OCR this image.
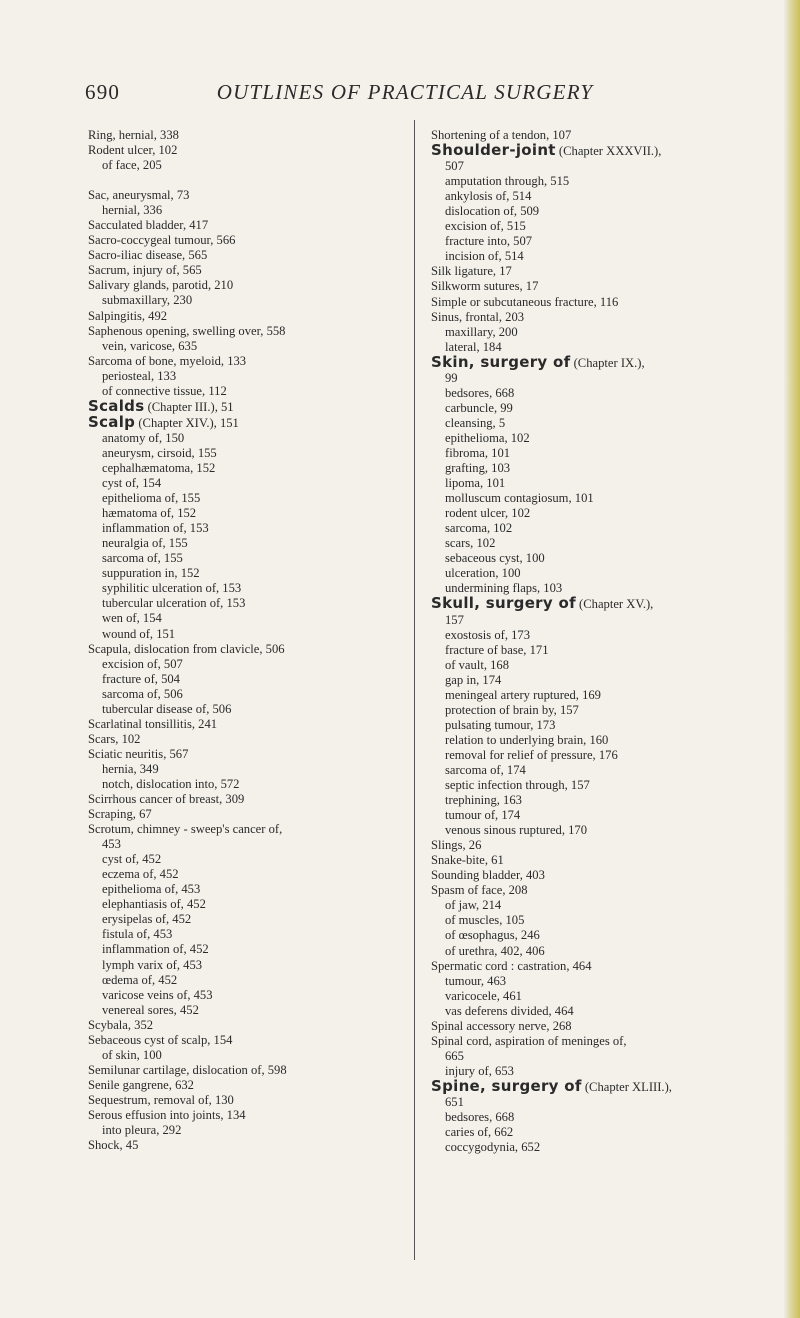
690	OUTLINES OF PRACTICAL SURGERY
Ring, hernial, 338
Rodent ulcer, 102
of face, 205
Sac, aneurysmal, 73
hernial, 336
Sacculated bladder, 417
Sacro-coccygeal tumour, 566
Sacro-iliac disease, 565
Sacrum, injury of, 565
Salivary glands, parotid, 210
submaxillary, 230
Salpingitis, 492
Saphenous opening, swelling over, 558
vein, varicose, 635
Sarcoma of bone, myeloid, 133
periosteal, 133
of connective tissue, 112
Scalds (Chapter III.), 51
Scalp (Chapter XIV.), 151
anatomy of, 150
aneurysm, cirsoid, 155
cephalhæmatoma, 152
cyst of, 154
epithelioma of, 155
hæmatoma of, 152
inflammation of, 153
neuralgia of, 155
sarcoma of, 155
suppuration in, 152
syphilitic ulceration of, 153
tubercular ulceration of, 153
wen of, 154
wound of, 151
Scapula, dislocation from clavicle, 506
excision of, 507
fracture of, 504
sarcoma of, 506
tubercular disease of, 506
Scarlatinal tonsillitis, 241
Scars, 102
Sciatic neuritis, 567
hernia, 349
notch, dislocation into, 572
Scirrhous cancer of breast, 309
Scraping, 67
Scrotum, chimney - sweep's cancer of,
453
cyst of, 452
eczema of, 452
epithelioma of, 453
elephantiasis of, 452
erysipelas of, 452
fistula of, 453
inflammation of, 452
lymph varix of, 453
œdema of, 452
varicose veins of, 453
venereal sores, 452
Scybala, 352
Sebaceous cyst of scalp, 154
of skin, 100
Semilunar cartilage, dislocation of, 598
Senile gangrene, 632
Sequestrum, removal of, 130
Serous effusion into joints, 134
into pleura, 292
Shock, 45
Shortening of a tendon, 107
Shoulder-joint (Chapter XXXVII.),
507
amputation through, 515
ankylosis of, 514
dislocation of, 509
excision of, 515
fracture into, 507
incision of, 514
Silk ligature, 17
Silkworm sutures, 17
Simple or subcutaneous fracture, 116
Sinus, frontal, 203
maxillary, 200
lateral, 184
Skin, surgery of (Chapter IX.),
99
bedsores, 668
carbuncle, 99
cleansing, 5
epithelioma, 102
fibroma, 101
grafting, 103
lipoma, 101
molluscum contagiosum, 101
rodent ulcer, 102
sarcoma, 102
scars, 102
sebaceous cyst, 100
ulceration, 100
undermining flaps, 103
Skull, surgery of (Chapter XV.),
157
exostosis of, 173
fracture of base, 171
of vault, 168
gap in, 174
meningeal artery ruptured, 169
protection of brain by, 157
pulsating tumour, 173
relation to underlying brain, 160
removal for relief of pressure, 176
sarcoma of, 174
septic infection through, 157
trephining, 163
tumour of, 174
venous sinous ruptured, 170
Slings, 26
Snake-bite, 61
Sounding bladder, 403
Spasm of face, 208
of jaw, 214
of muscles, 105
of œsophagus, 246
of urethra, 402, 406
Spermatic cord : castration, 464
tumour, 463
varicocele, 461
vas deferens divided, 464
Spinal accessory nerve, 268
Spinal cord, aspiration of meninges of,
665
injury of, 653
Spine, surgery of (Chapter XLIII.),
651
bedsores, 668
caries of, 662
coccygodynia, 652
